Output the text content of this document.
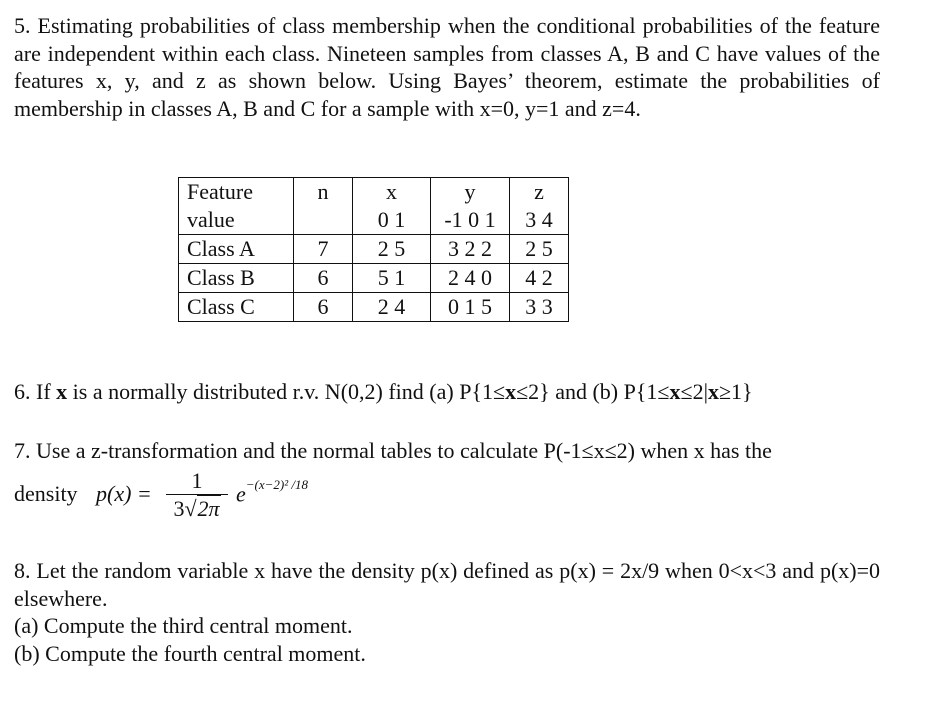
5. Estimating probabilities of class membership when the conditional probabilities of the feature are independent within each class. Nineteen samples from classes A, B and C have values of the features x, y, and z as shown below. Using Bayes’ theorem, estimate the probabilities of membership in classes A, B and C for a sample with x=0, y=1 and z=4.
Feature	n	x	y	z
value		0 1	-1 0 1	3 4
Class A	7	2 5	3 2 2	2 5
Class B	6	5 1	2 4 0	4 2
Class C	6	2 4	0 1 5	3 3
6. If x is a normally distributed r.v. N(0,2) find (a) P{1≤x≤2} and (b) P{1≤x≤2|x≥1}
7. Use a z-transformation and the normal tables to calculate P(-1≤x≤2) when x has the
density p(x) =
1
3√2π
$e^{-(x-2)^2 /18}$
8. Let the random variable x have the density p(x) defined as p(x) = 2x/9 when 0<x<3 and p(x)=0 elsewhere.
(a) Compute the third central moment.
(b) Compute the fourth central moment.
